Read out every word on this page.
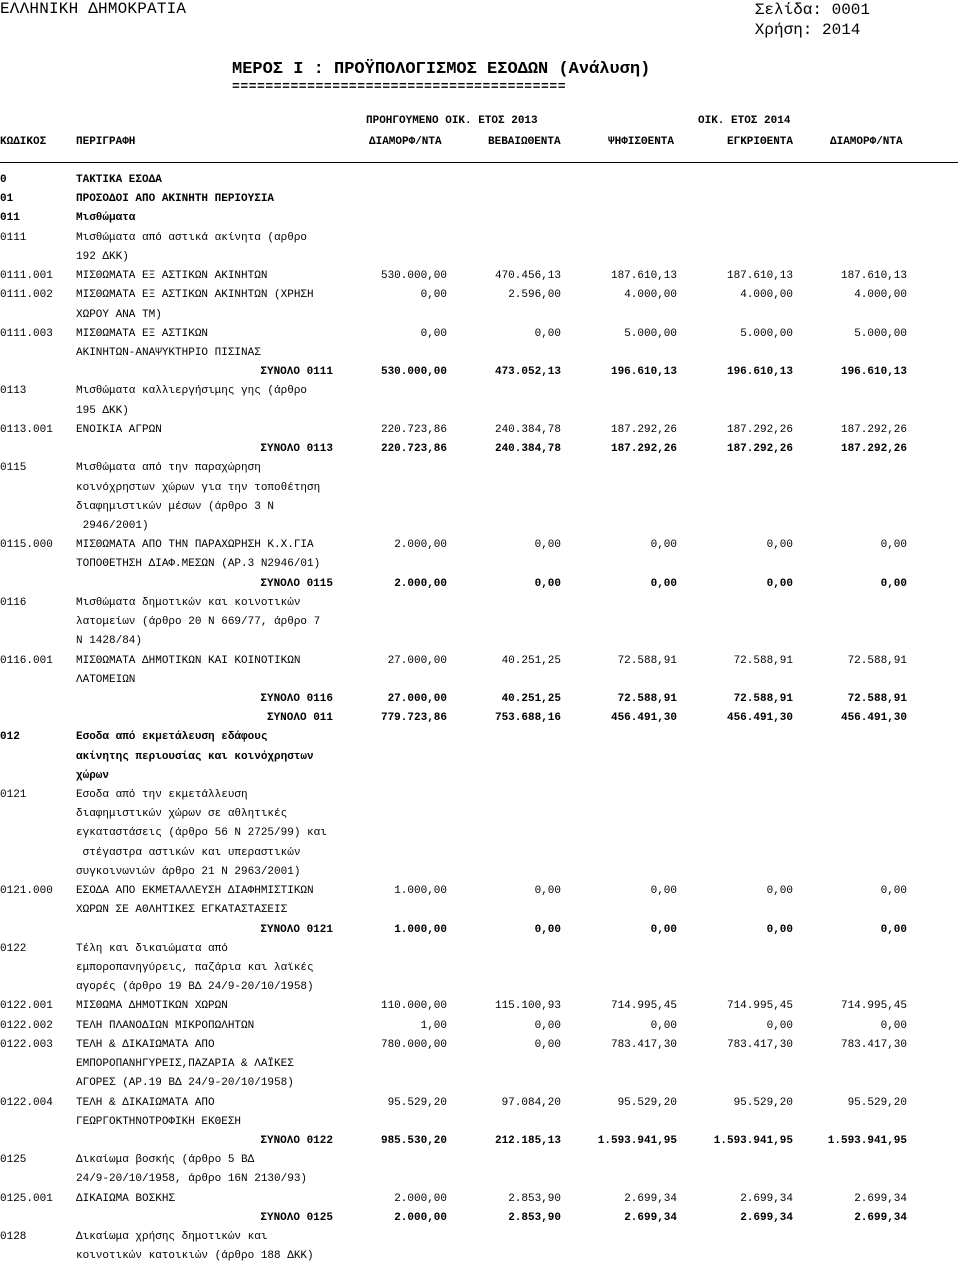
ΕΛΛΗΝΙΚΗ ΔΗΜΟΚΡΑΤΙΑ	Σελίδα: 0001
Χρήση: 2014
ΜΕΡΟΣ Ι : ΠΡΟΫΠΟΛΟΓΙΣΜΟΣ ΕΣΟΔΩΝ (Ανάλυση)
========================================
ΠΡΟΗΓΟΥΜΕΝΟ ΟΙΚ. ΕΤΟΣ 2013	ΟΙΚ. ΕΤΟΣ 2014
ΚΩΔΙΚΟΣ	ΠΕΡΙΓΡΑΦΗ	ΔΙΑΜΟΡΦ/ΝΤΑ	ΒΕΒΑΙΩΘΕΝΤΑ	ΨΗΦΙΣΘΕΝΤΑ	ΕΓΚΡΙΘΕΝΤΑ	ΔΙΑΜΟΡΦ/ΝΤΑ
0	ΤΑΚΤΙΚΑ ΕΣΟΔΑ
01	ΠΡΟΣΟΔΟΙ ΑΠΟ ΑΚΙΝΗΤΗ ΠΕΡΙΟΥΣΙΑ
011	Μισθώματα
0111	Μισθώματα από αστικά ακίνητα (αρθρο
192 ΔΚΚ)
0111.001 ΜΙΣΘΩΜΑΤΑ ΕΞ ΑΣΤΙΚΩΝ ΑΚΙΝΗΤΩΝ	530.000,00	470.456,13	187.610,13	187.610,13	187.610,13
0111.002 ΜΙΣΘΩΜΑΤΑ ΕΞ ΑΣΤΙΚΩΝ ΑΚΙΝΗΤΩΝ (ΧΡΗΣΗ	0,00	2.596,00	4.000,00	4.000,00	4.000,00
ΧΩΡΟΥ ΑΝΑ ΤΜ)
0111.003 ΜΙΣΘΩΜΑΤΑ ΕΞ ΑΣΤΙΚΩΝ	0,00	0,00	5.000,00	5.000,00	5.000,00
ΑΚΙΝΗΤΩΝ-ΑΝΑΨΥΚΤΗΡΙΟ ΠΙΣΙΝΑΣ
ΣΥΝΟΛΟ 0111	530.000,00	473.052,13	196.610,13	196.610,13	196.610,13
0113	Μισθώματα καλλιεργήσιμης γης (άρθρο
195 ΔΚΚ)
0113.001 ΕΝΟΙΚΙΑ ΑΓΡΩΝ	220.723,86	240.384,78	187.292,26	187.292,26	187.292,26
ΣΥΝΟΛΟ 0113	220.723,86	240.384,78	187.292,26	187.292,26	187.292,26
0115	Μισθώματα από την παραχώρηση
κοινόχρηστων χώρων για την τοποθέτηση
διαφημιστικών μέσων (άρθρο 3 Ν
2946/2001)
0115.000 ΜΙΣΘΩΜΑΤΑ ΑΠΟ ΤΗΝ ΠΑΡΑΧΩΡΗΣΗ Κ.Χ.ΓΙΑ	2.000,00	0,00	0,00	0,00	0,00
ΤΟΠΟΘΕΤΗΣΗ ΔΙΑΦ.ΜΕΣΩΝ (ΑΡ.3 Ν2946/01)
ΣΥΝΟΛΟ 0115	2.000,00	0,00	0,00	0,00	0,00
0116	Μισθώματα δημοτικών και κοινοτικών
λατομείων (άρθρο 20 Ν 669/77, άρθρο 7
Ν 1428/84)
0116.001 ΜΙΣΘΩΜΑΤΑ ΔΗΜΟΤΙΚΩΝ ΚΑΙ ΚΟΙΝΟΤΙΚΩΝ	27.000,00	40.251,25	72.588,91	72.588,91	72.588,91
ΛΑΤΟΜΕΙΩΝ
ΣΥΝΟΛΟ 0116	27.000,00	40.251,25	72.588,91	72.588,91	72.588,91
ΣΥΝΟΛΟ 011	779.723,86	753.688,16	456.491,30	456.491,30	456.491,30
012	Εσοδα από εκμετάλευση εδάφους
ακίνητης περιουσίας και κοινόχρηστων
χώρων
0121	Εσοδα από την εκμετάλλευση
διαφημιστικών χώρων σε αθλητικές
εγκαταστάσεις (άρθρο 56 Ν 2725/99) και
στέγαστρα αστικών και υπεραστικών
συγκοινωνιών άρθρο 21 Ν 2963/2001)
0121.000 ΕΣΟΔΑ ΑΠΟ ΕΚΜΕΤΑΛΛΕΥΣΗ ΔΙΑΦΗΜΙΣΤΙΚΩΝ	1.000,00	0,00	0,00	0,00	0,00
ΧΩΡΩΝ ΣΕ ΑΘΛΗΤΙΚΕΣ ΕΓΚΑΤΑΣΤΑΣΕΙΣ
ΣΥΝΟΛΟ 0121	1.000,00	0,00	0,00	0,00	0,00
0122	Τέλη και δικαιώματα από
εμποροπανηγύρεις, παζάρια και λαϊκές
αγορές (άρθρο 19 ΒΔ 24/9-20/10/1958)
0122.001 ΜΙΣΘΩΜΑ ΔΗΜΟΤΙΚΩΝ ΧΩΡΩΝ	110.000,00	115.100,93	714.995,45	714.995,45	714.995,45
0122.002 ΤΕΛΗ ΠΛΑΝΟΔΙΩΝ ΜΙΚΡΟΠΩΛΗΤΩΝ	1,00	0,00	0,00	0,00	0,00
0122.003 ΤΕΛΗ & ΔΙΚΑΙΩΜΑΤΑ ΑΠΟ	780.000,00	0,00	783.417,30	783.417,30	783.417,30
ΕΜΠΟΡΟΠΑΝΗΓΥΡΕΙΣ,ΠΑΖΑΡΙΑ & ΛΑΪΚΕΣ
ΑΓΟΡΕΣ (ΑΡ.19 ΒΔ 24/9-20/10/1958)
0122.004 ΤΕΛΗ & ΔΙΚΑΙΩΜΑΤΑ ΑΠΟ	95.529,20	97.084,20	95.529,20	95.529,20	95.529,20
ΓΕΩΡΓΟΚΤΗΝΟΤΡΟΦΙΚΗ ΕΚΘΕΣΗ
ΣΥΝΟΛΟ 0122	985.530,20	212.185,13	1.593.941,95	1.593.941,95	1.593.941,95
0125	Δικαίωμα βοσκής (άρθρο 5 ΒΔ
24/9-20/10/1958, άρθρο 16Ν 2130/93)
0125.001 ΔΙΚΑΙΩΜΑ ΒΟΣΚΗΣ	2.000,00	2.853,90	2.699,34	2.699,34	2.699,34
ΣΥΝΟΛΟ 0125	2.000,00	2.853,90	2.699,34	2.699,34	2.699,34
0128	Δικαίωμα χρήσης δημοτικών και
κοινοτικών κατοικιών (άρθρο 188 ΔΚΚ)
